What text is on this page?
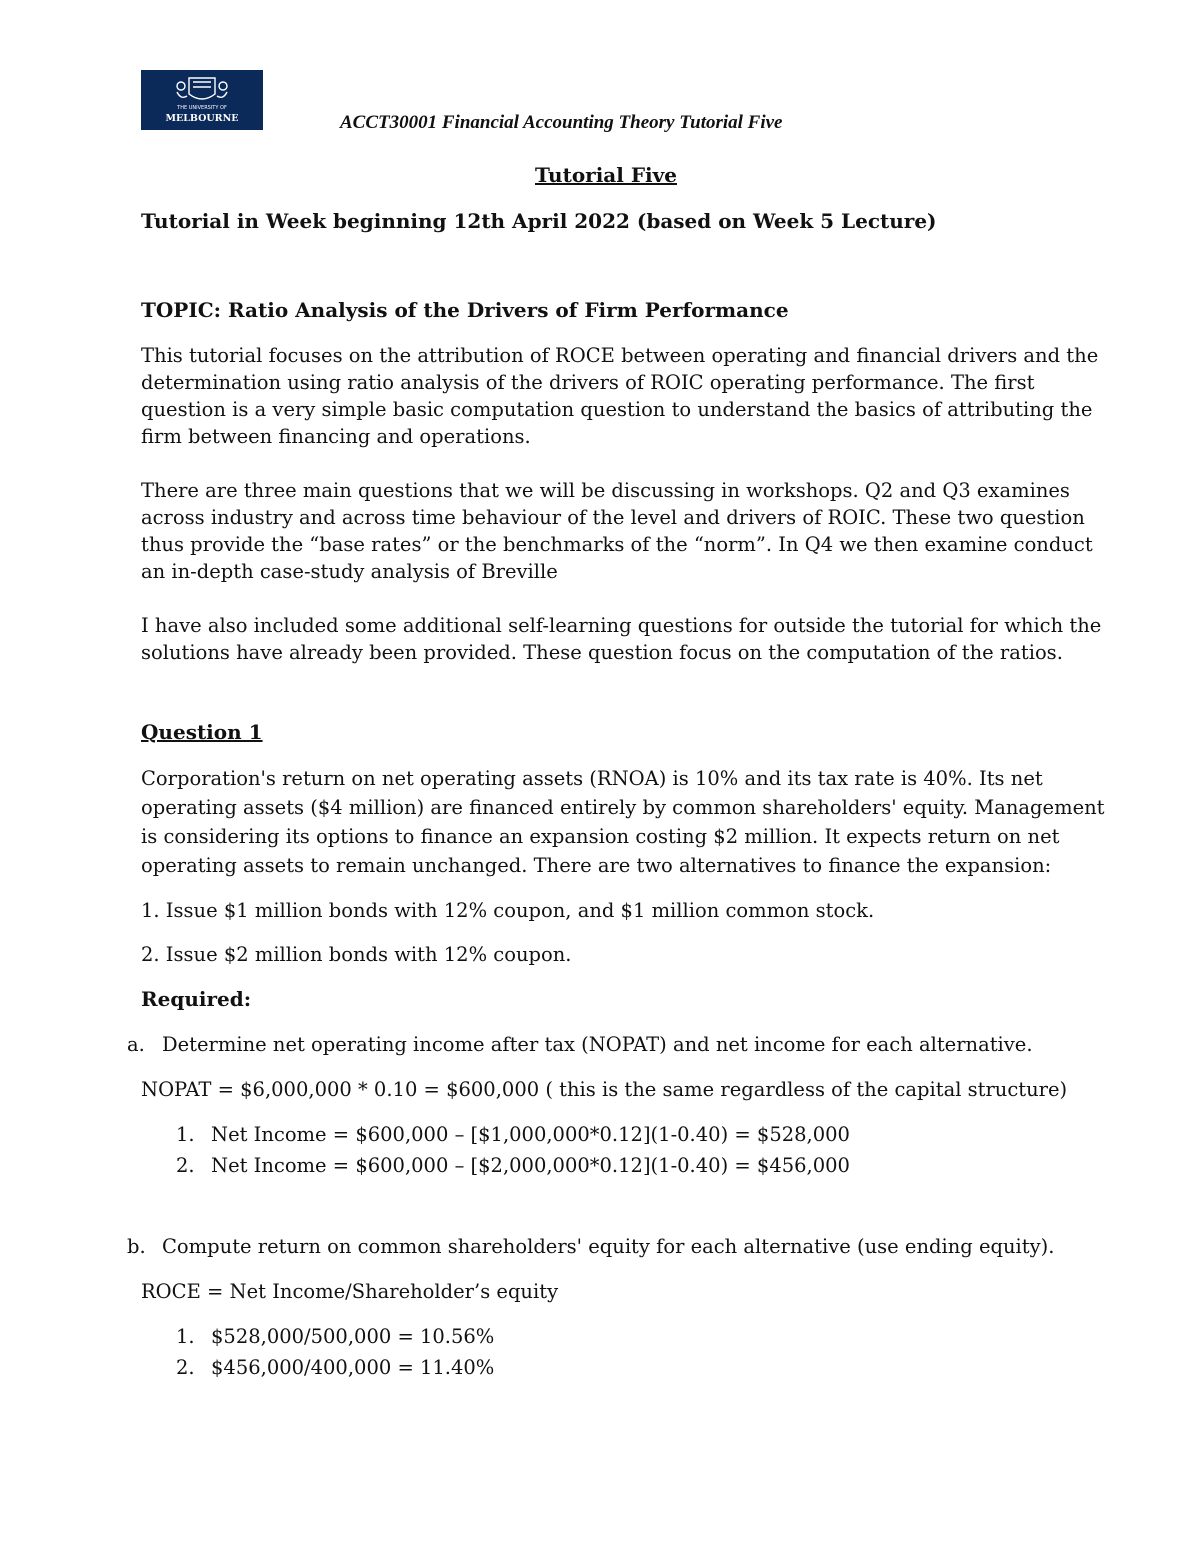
THE UNIVERSITY OF
MELBOURNE	ACCT30001 Financial Accounting Theory Tutorial Five
Tutorial Five
Tutorial in Week beginning 12th April 2022 (based on Week 5 Lecture)
TOPIC: Ratio Analysis of the Drivers of Firm Performance
This tutorial focuses on the attribution of ROCE between operating and financial drivers and the
determination using ratio analysis of the drivers of ROIC operating performance. The first
question is a very simple basic computation question to understand the basics of attributing the
firm between financing and operations.
There are three main questions that we will be discussing in workshops. Q2 and Q3 examines
across industry and across time behaviour of the level and drivers of ROIC. These two question
thus provide the “base rates” or the benchmarks of the “norm”. In Q4 we then examine conduct
an in-depth case-study analysis of Breville
I have also included some additional self-learning questions for outside the tutorial for which the
solutions have already been provided. These question focus on the computation of the ratios.
Question 1
Corporation's return on net operating assets (RNOA) is 10% and its tax rate is 40%. Its net
operating assets ($4 million) are financed entirely by common shareholders' equity. Management
is considering its options to finance an expansion costing $2 million. It expects return on net
operating assets to remain unchanged. There are two alternatives to finance the expansion:
1. Issue $1 million bonds with 12% coupon, and $1 million common stock.
2. Issue $2 million bonds with 12% coupon.
Required:
a. Determine net operating income after tax (NOPAT) and net income for each alternative.
NOPAT = $6,000,000 * 0.10 = $600,000 ( this is the same regardless of the capital structure)
1. Net Income = $600,000 – [$1,000,000*0.12](1-0.40) = $528,000
2. Net Income = $600,000 – [$2,000,000*0.12](1-0.40) = $456,000
b. Compute return on common shareholders' equity for each alternative (use ending equity).
ROCE = Net Income/Shareholder’s equity
1. $528,000/500,000 = 10.56%
2. $456,000/400,000 = 11.40%
